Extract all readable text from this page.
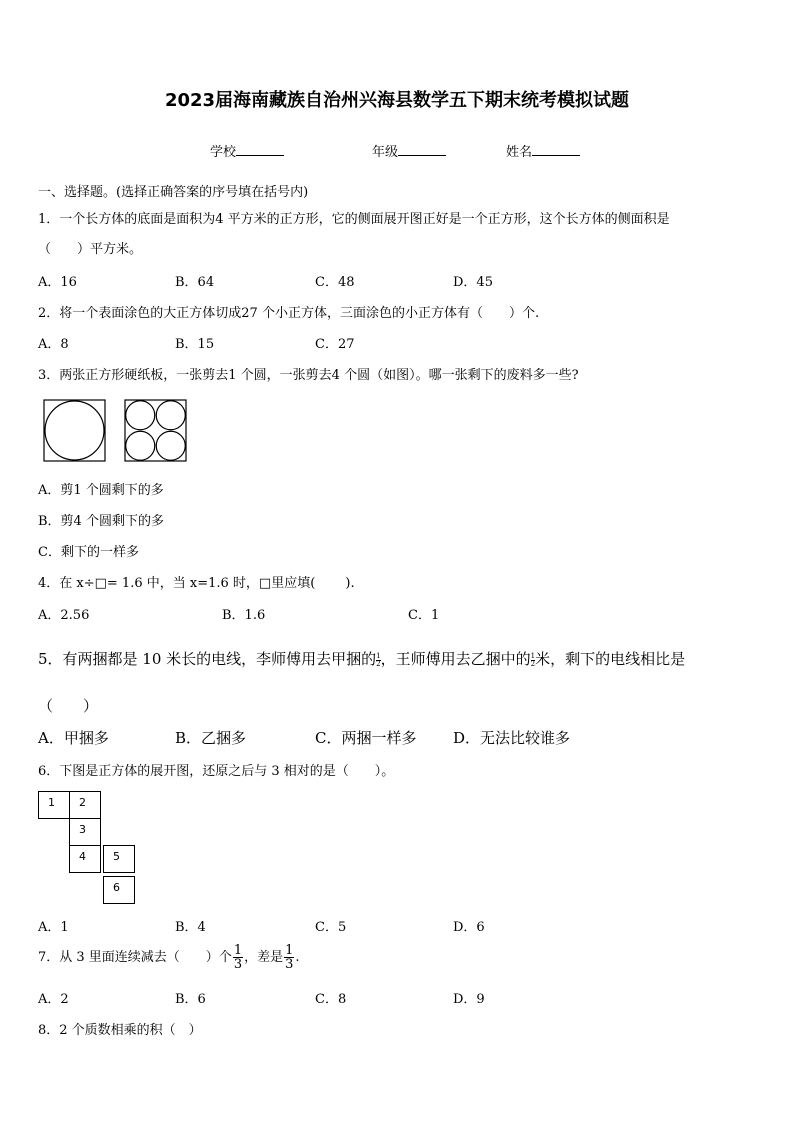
2023届海南藏族自治州兴海县数学五下期末统考模拟试题
学校	年级	姓名
一、选择题。(选择正确答案的序号填在括号内)
1．一个长方体的底面是面积为4 平方米的正方形，它的侧面展开图正好是一个正方形，这个长方体的侧面积是
（　　）平方米。
A．16	B．64	C．48	D．45
2．将一个表面涂色的大正方体切成27 个小正方体，三面涂色的小正方体有（　　）个.
A．8	B．15	C．27
3．两张正方形硬纸板，一张剪去1 个圆，一张剪去4 个圆（如图）。哪一张剩下的废料多一些?
A．剪1 个圆剩下的多
B．剪4 个圆剩下的多
C．剩下的一样多
4．在 x÷□= 1.6 中，当 x=1.6 时，□里应填(　　 ).
A．2.56	B．1.6	C．1
5．有两捆都是 10 米长的电线，李师傅用去甲捆的 $\frac{1}{2}$ ，王师傅用去乙捆中的 $\frac{1}{2}$ 米，剩下的电线相比是
（　　）
A．甲捆多	B．乙捆多	C．两捆一样多 D．无法比较谁多
6．下图是正方体的展开图，还原之后与 3 相对的是（　　）。
1	2
3
4	5
6
A．1	B．4	C．5	D．6
7．从 3 里面连续减去（　　）个 $\frac{1}{3}$ ，差是 $\frac{1}{3}$ .
A．2	B．6	C．8	D．9
8．2 个质数相乘的积（　）
